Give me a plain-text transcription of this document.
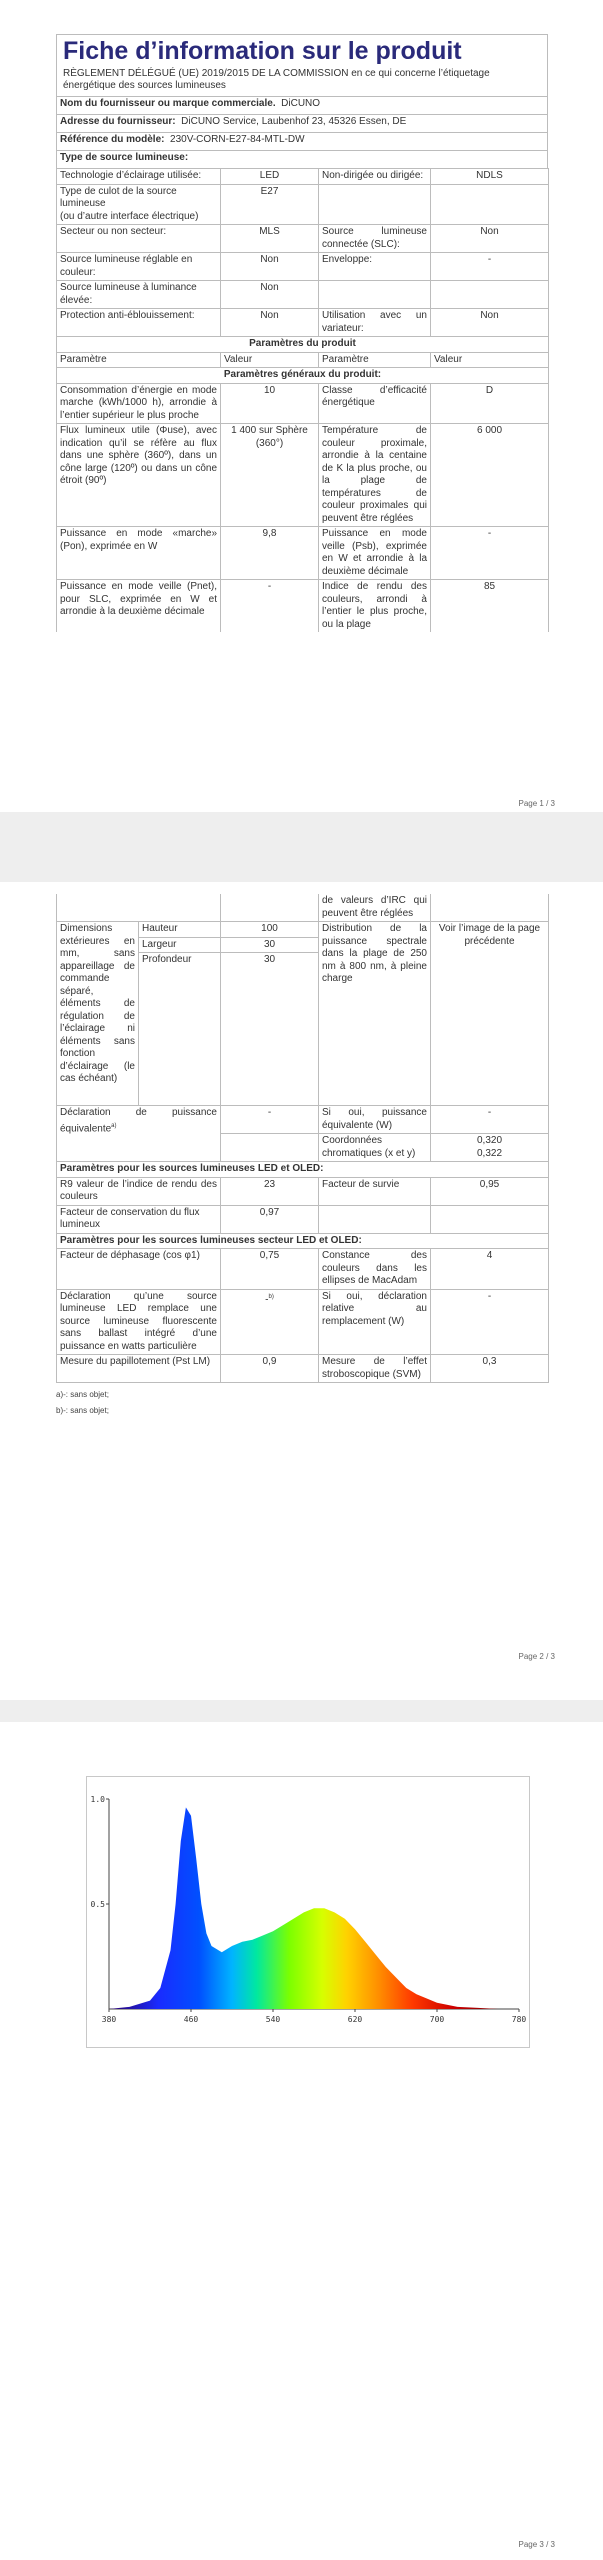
Fiche d’information sur le produit
RÈGLEMENT DÉLÉGUÉ (UE) 2019/2015 DE LA COMMISSION en ce qui concerne l’étiquetage énergétique des sources lumineuses
Nom du fournisseur ou marque commerciale. DiCUNO
Adresse du fournisseur: DiCUNO Service, Laubenhof 23, 45326 Essen, DE
Référence du modèle: 230V-CORN-E27-84-MTL-DW
Type de source lumineuse:
Technologie d’éclairage utilisée:	LED	Non-dirigée ou dirigée:	NDLS
Type de culot de la source lumineuse
(ou d’autre interface électrique)	E27		
Secteur ou non secteur:	MLS	Source lumineuse connectée (SLC):	Non
Source lumineuse réglable en couleur:	Non	Enveloppe:	-
Source lumineuse à luminance élevée:	Non		
Protection anti-éblouissement:	Non	Utilisation avec un variateur:	Non
Paramètres du produit			
Paramètre	Valeur	Paramètre	Valeur
Paramètres généraux du produit:			
Consommation d’énergie en mode marche (kWh/1000 h), arrondie à l’entier supérieur le plus proche	10	Classe d’efficacité énergétique	D
Flux lumineux utile (Φuse), avec indication qu’il se réfère au flux dans une sphère (360º), dans un cône large (120º) ou dans un cône étroit (90º)	1 400 sur Sphère (360°)	Température de couleur proximale, arrondie à la centaine de K la plus proche, ou la plage de températures de couleur proximales qui peuvent être réglées	6 000
Puissance en mode «marche» (Pon), exprimée en W	9,8	Puissance en mode veille (Psb), exprimée en W et arrondie à la deuxième décimale	-
Puissance en mode veille (Pnet), pour SLC, exprimée en W et arrondie à la deuxième décimale	-	Indice de rendu des couleurs, arrondi à l’entier le plus proche, ou la plage	85
Page 1 / 3
			de valeurs d’IRC qui peuvent être réglées	
Dimensions extérieures en mm, sans appareillage de commande séparé, éléments de régulation de l’éclairage ni éléments sans fonction d’éclairage (le cas échéant)	Hauteur	100	Distribution de la puissance spectrale dans la plage de 250 nm à 800 nm, à pleine charge	Voir l’image de la page précédente
	Largeur	30		
	Profondeur	30		
Déclaration de puissance équivalente$^{a)}$		-	Si oui, puissance équivalente (W)	-
			Coordonnées chromatiques (x et y)	0,320
0,322
Paramètres pour les sources lumineuses LED et OLED:				
R9 valeur de l’indice de rendu des couleurs		23	Facteur de survie	0,95
Facteur de conservation du flux lumineux		0,97		
Paramètres pour les sources lumineuses secteur LED et OLED:				
Facteur de déphasage (cos φ1)		0,75	Constance des couleurs dans les ellipses de MacAdam	4
Déclaration qu’une source lumineuse LED remplace une source lumineuse fluorescente sans ballast intégré d’une puissance en watts particulière		-$^{b)}$	Si oui, déclaration relative au remplacement (W)	-
Mesure du papillotement (Pst LM)		0,9	Mesure de l’effet stroboscopique (SVM)	0,3
a)-: sans objet;
b)-: sans objet;
Page 2 / 3
380	460	540	620	700	780
0.5
1.0
Page 3 / 3
